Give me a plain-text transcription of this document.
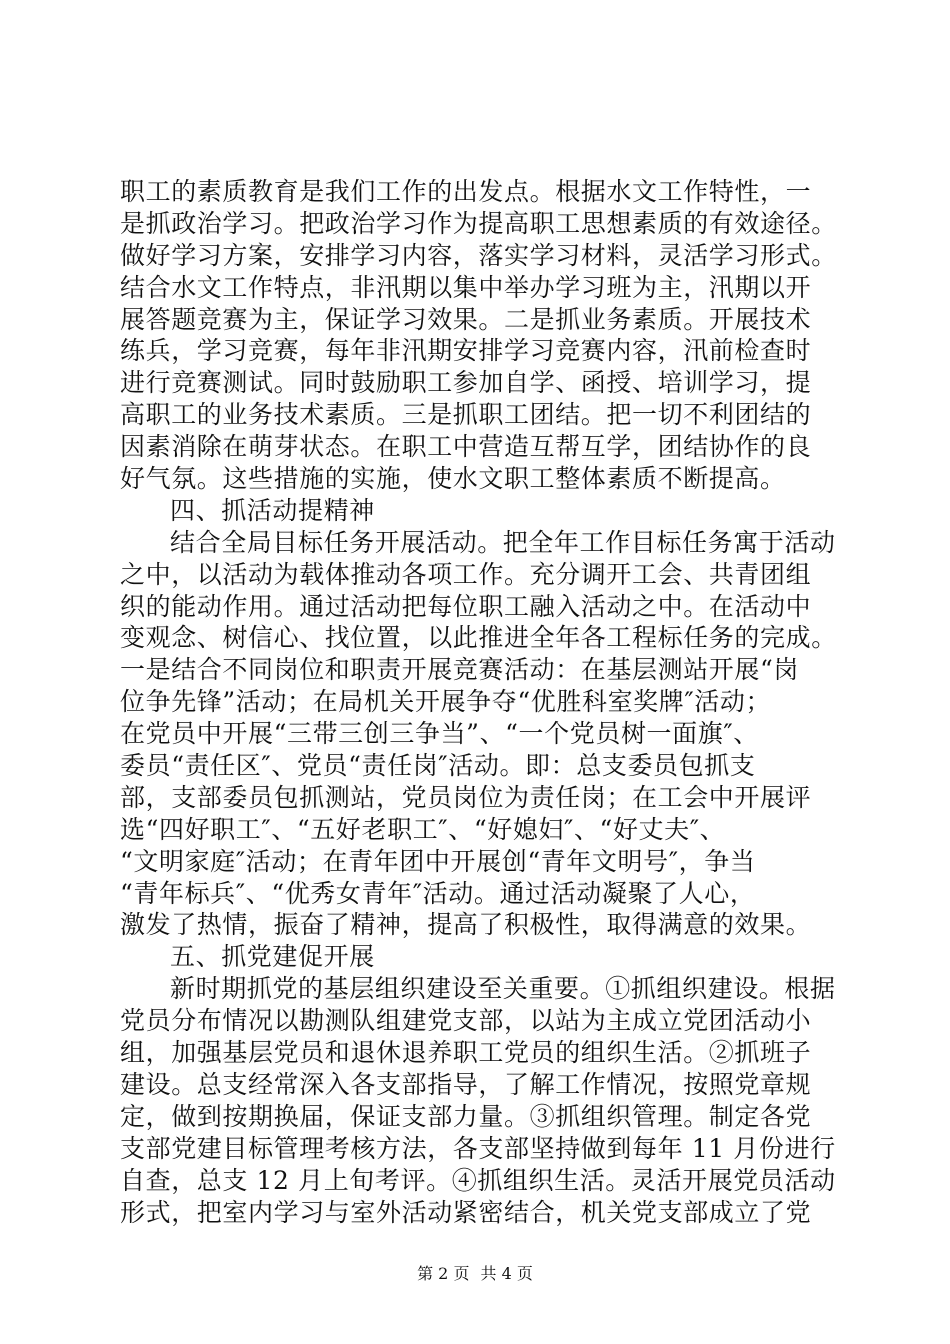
职工的素质教育是我们工作的出发点。根据水文工作特性，一
是抓政治学习。把政治学习作为提高职工思想素质的有效途径。
做好学习方案，安排学习内容，落实学习材料，灵活学习形式。
结合水文工作特点，非汛期以集中举办学习班为主，汛期以开
展答题竞赛为主，保证学习效果。二是抓业务素质。开展技术
练兵，学习竞赛，每年非汛期安排学习竞赛内容，汛前检查时
进行竞赛测试。同时鼓励职工参加自学、函授、培训学习，提
高职工的业务技术素质。三是抓职工团结。把一切不利团结的
因素消除在萌芽状态。在职工中营造互帮互学，团结协作的良
好气氛。这些措施的实施，使水文职工整体素质不断提高。
四、抓活动提精神
结合全局目标任务开展活动。把全年工作目标任务寓于活动
之中，以活动为载体推动各项工作。充分调开工会、共青团组
织的能动作用。通过活动把每位职工融入活动之中。在活动中
变观念、树信心、找位置，以此推进全年各工程标任务的完成。
一是结合不同岗位和职责开展竞赛活动：在基层测站开展“岗
位争先锋”活动；在局机关开展争夺“优胜科室奖牌″活动；
在党员中开展“三带三创三争当”、“一个党员树一面旗″、
委员“责任区″、党员“责任岗″活动。即：总支委员包抓支
部，支部委员包抓测站，党员岗位为责任岗；在工会中开展评
选“四好职工″、“五好老职工″、“好媳妇″、“好丈夫″、
“文明家庭″活动；在青年团中开展创“青年文明号″，争当
“青年标兵″、“优秀女青年″活动。通过活动凝聚了人心，
激发了热情，振奋了精神，提高了积极性，取得满意的效果。
五、抓党建促开展
新时期抓党的基层组织建设至关重要。①抓组织建设。根据
党员分布情况以勘测队组建党支部，以站为主成立党团活动小
组，加强基层党员和退休退养职工党员的组织生活。②抓班子
建设。总支经常深入各支部指导，了解工作情况，按照党章规
定，做到按期换届，保证支部力量。③抓组织管理。制定各党
支部党建目标管理考核方法，各支部坚持做到每年 11 月份进行
自查，总支 12 月上旬考评。④抓组织生活。灵活开展党员活动
形式，把室内学习与室外活动紧密结合，机关党支部成立了党
第 2 页 共 4 页
